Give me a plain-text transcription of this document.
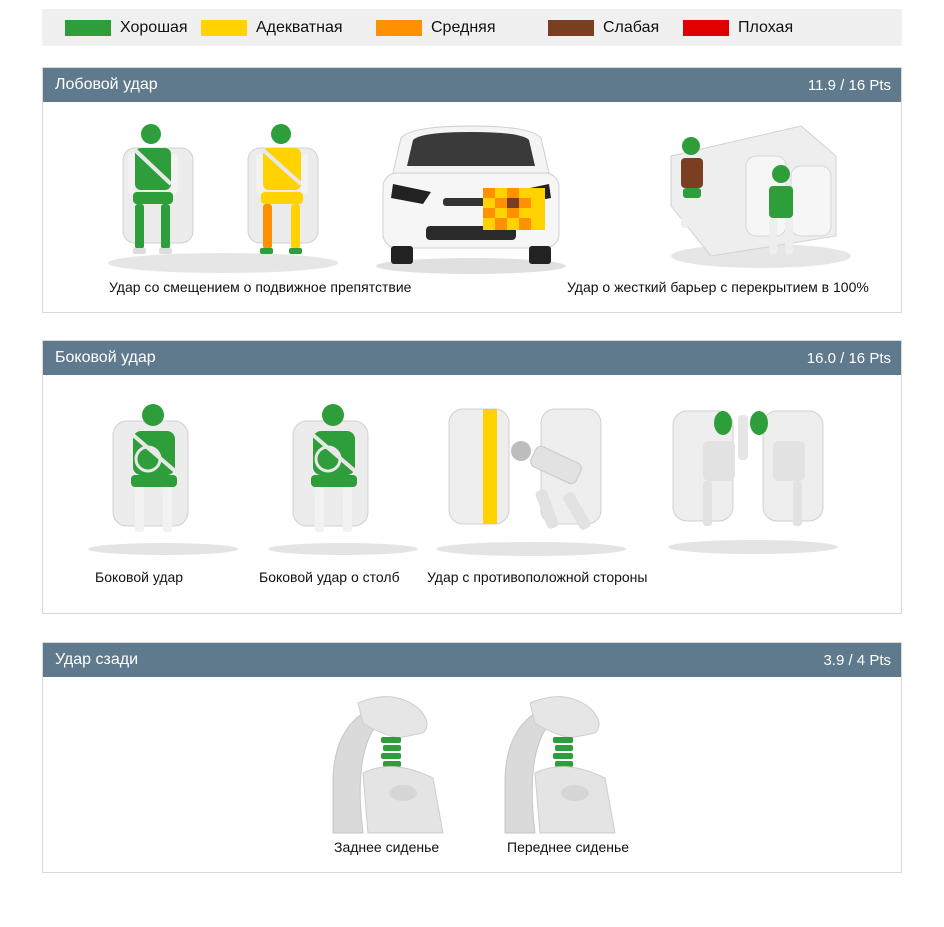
Хорошая	Адекватная	Средняя	Слабая	Плохая
Лобовой удар	11.9 / 16 Pts
Удар со смещением о подвижное препятствие	Удар о жесткий барьер с перекрытием в 100%
Боковой удар	16.0 / 16 Pts
Боковой удар	Боковой удар о столб Удар с противоположной стороны
Удар сзади	3.9 / 4 Pts
Заднее сиденье	Переднее сиденье
